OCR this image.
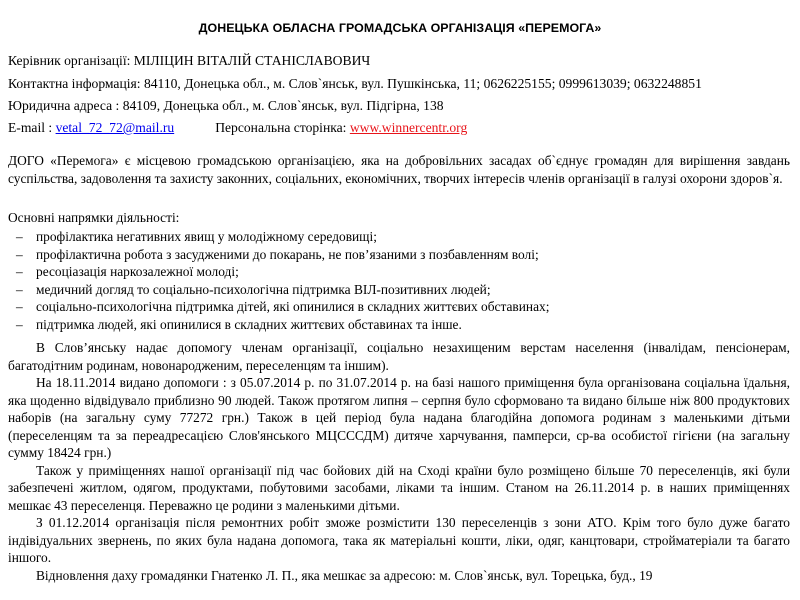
ДОНЕЦЬКА ОБЛАСНА ГРОМАДСЬКА ОРГАНІЗАЦІЯ «ПЕРЕМОГА»
Керівник організації: МІЛІЦИН ВІТАЛІЙ СТАНІСЛАВОВИЧ
Контактна інформація: 84110, Донецька обл., м. Слов`янськ, вул. Пушкінська, 11; 0626225155; 0999613039; 0632248851
Юридична адреса : 84109, Донецька обл., м. Слов`янськ, вул. Підгірна, 138
E-mail : vetal_72_72@mail.ru	Персональна сторінка: www.winnercentr.org
ДОГО «Перемога» є місцевою громадською організацією, яка на добровільних засадах об`єднує громадян для вирішення завдань суспільства, задоволення та захисту законних, соціальних, економічних, творчих інтересів членів організації в галузі охорони здоров`я.
Основні напрямки діяльності:
– профілактика негативних явищ у молодіжному середовищі;
– профілактична робота з засудженими до покарань, не пов’язаними з позбавленням волі;
– ресоціазація наркозалежної молоді;
– медичний догляд то соціально-психологічна підтримка ВІЛ-позитивних людей;
– соціально-психологічна підтримка дітей, які опинилися в складних життєвих обставинах;
– підтримка людей, які опинилися в складних життєвих обставинах та інше.

В Слов’янську надає допомогу членам організації, соціально незахищеним верстам населення (інвалідам, пенсіонерам, багатодітним родинам, новонародженим, переселенцям та іншим).

На 18.11.2014 видано допомоги : з 05.07.2014 р. по 31.07.2014 р. на базі нашого приміщення була організована соціальна їдальня, яка щоденно відвідувало приблизно 90 людей. Також протягом липня – серпня було сформовано та видано більше ніж 800 продуктових наборів (на загальну суму 77272 грн.) Також в цей період була надана благодійна допомога родинам з маленькими дітьми (переселенцям та за переадресацією Слов'янського МЦСССДМ) дитяче харчування, памперси, ср-ва особистої гігієни (на загальну сумму 18424 грн.)

Також у приміщеннях нашої організації під час бойових дій на Сході країни було розміщено більше 70 переселенців, які були забезпечені житлом, одягом, продуктами, побутовими засобами, ліками та іншим. Станом на 26.11.2014 р. в наших приміщеннях мешкає 43 переселенця. Переважно це родини з маленькими дітьми.

З 01.12.2014 організація після ремонтних робіт зможе розмістити 130 переселенців з зони АТО. Крім того було дуже багато індівідуальних звернень, по яких була надана допомога, така як матеріальні кошти, ліки, одяг, канцтовари, стройматеріали та багато іншого.

Відновлення даху громадянки Гнатенко Л. П., яка мешкає за адресою: м. Слов`янськ, вул. Торецька, буд., 19
